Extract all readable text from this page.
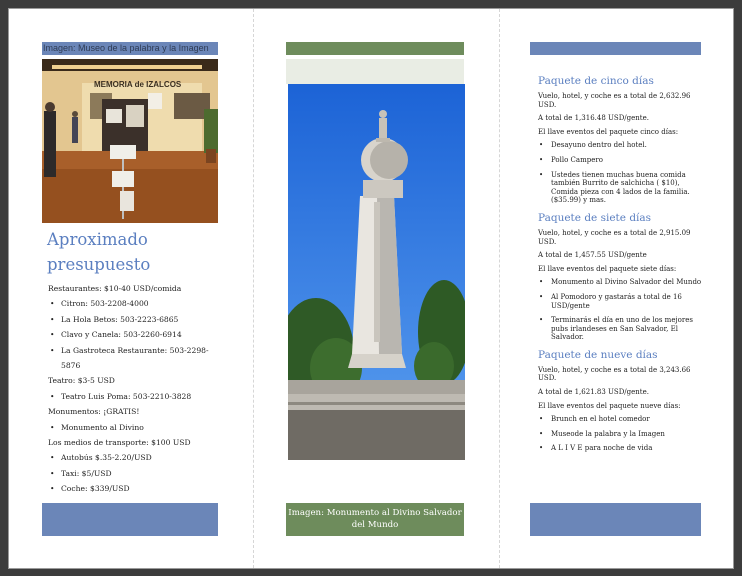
Imagen: Museo de la palabra y la Imagen
MEMORIA de IZALCOS
Aproximado presupuesto
Restaurantes: $10-40 USD/comida
• Citron: 503-2208-4000
• La Hola Betos: 503-2223-6865
• Clavo y Canela: 503-2260-6914
• La Gastroteca Restaurante: 503-2298-5876
Teatro: $3-5 USD
• Teatro Luis Poma: 503-2210-3828
Monumentos: ¡GRATIS!
• Monumento al Divino
Los medios de transporte: $100 USD
• Autobús $.35-2.20/USD
• Taxi: $5/USD
• Coche: $339/USD
Imagen: Monumento al Divino Salvador del Mundo
Paquete de cinco días

Vuelo, hotel, y coche es a total de 2,632.96 USD.

A total de 1,316.48 USD/gente.

El llave eventos del paquete cinco días:

• Desayuno dentro del hotel.
• Pollo Campero
• Ustedes tienen muchas buena comida también Burrito de salchicha ( $10), Comida pieza con 4 lados de la familia. ($35.99) y mas.
Paquete de siete días

Vuelo, hotel, y coche es a total de 2,915.09 USD.

A total de 1,457.55 USD/gente

El llave eventos del paquete siete días:

• Monumento al Divino Salvador del Mundo
• Al Pomodoro y gastarás a total de 16 USD/gente
• Terminarás el día en uno de los mejores pubs irlandeses en San Salvador, El Salvador.
Paquete de nueve días

Vuelo, hotel, y coche es a total de 3,243.66 USD.

A total de 1,621.83 USD/gente.

El llave eventos del paquete nueve días:

• Brunch en el hotel comedor
• Museode la palabra y la Imagen
• A L I V E para noche de vida
